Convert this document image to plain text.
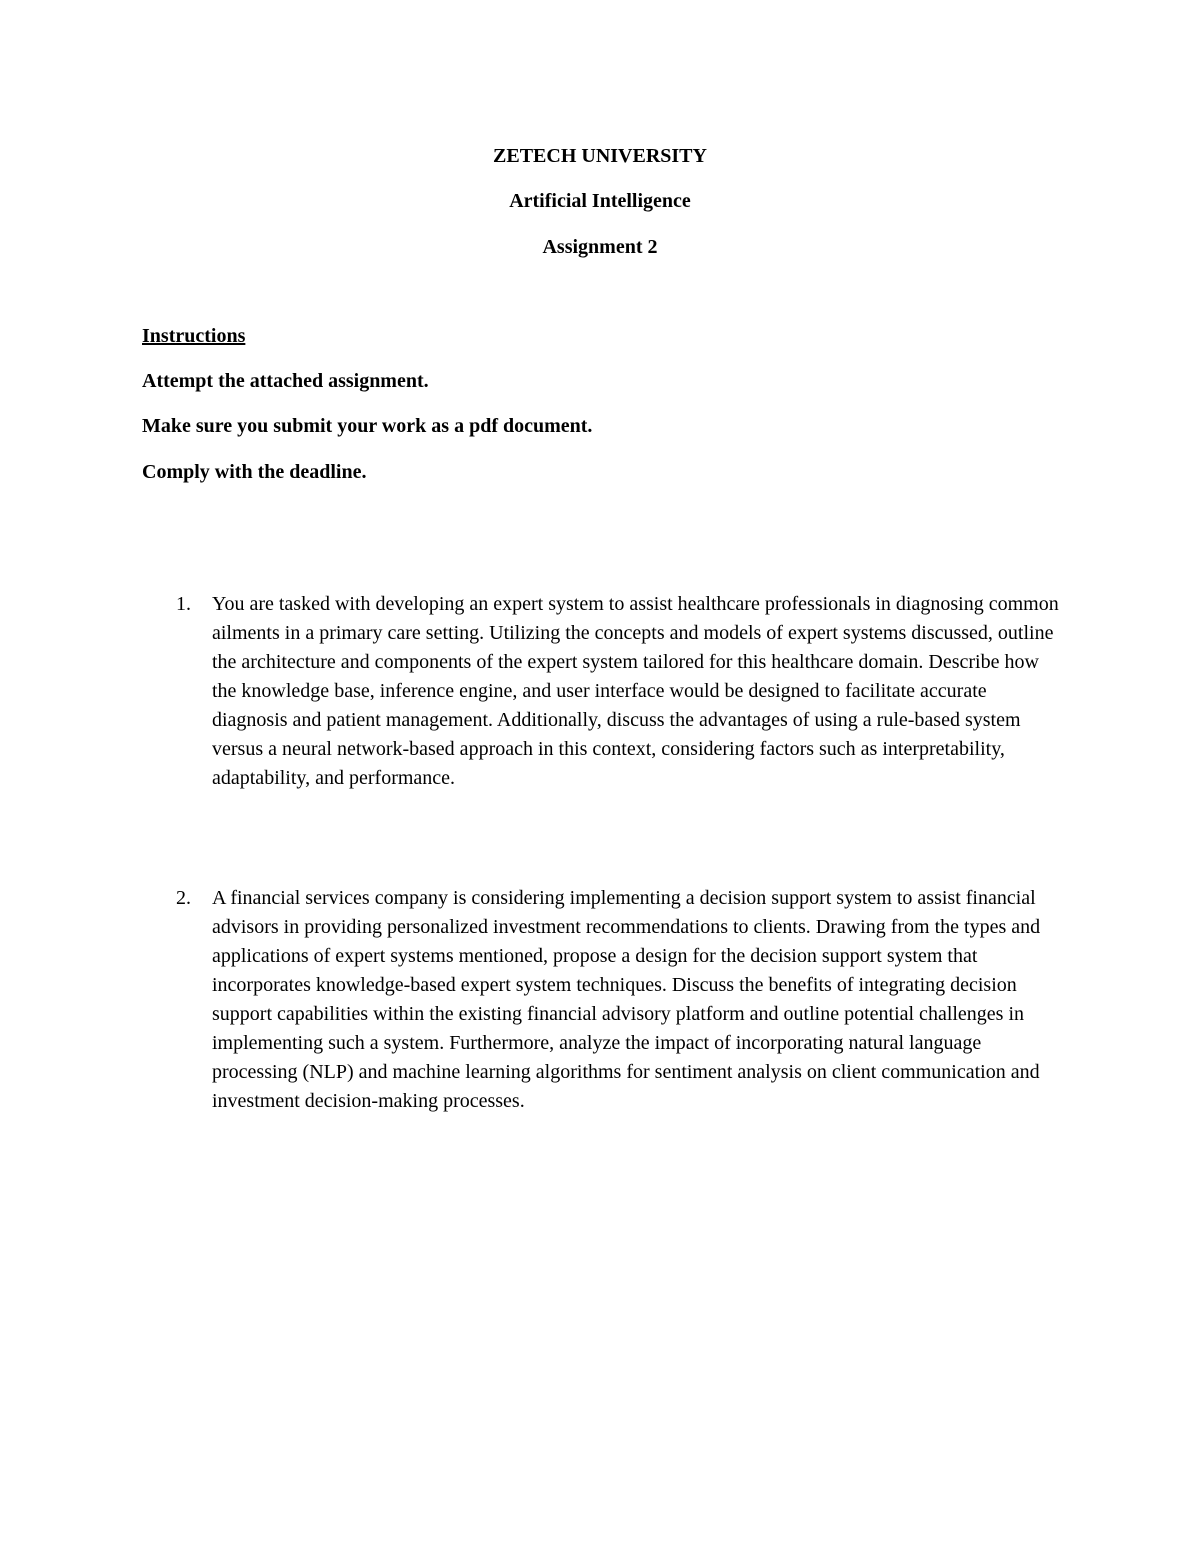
ZETECH UNIVERSITY

Artificial Intelligence

Assignment 2

Instructions

Attempt the attached assignment.

Make sure you submit your work as a pdf document.

Comply with the deadline.

1. You are tasked with developing an expert system to assist healthcare professionals in diagnosing common ailments in a primary care setting. Utilizing the concepts and models of expert systems discussed, outline the architecture and components of the expert system tailored for this healthcare domain. Describe how the knowledge base, inference engine, and user interface would be designed to facilitate accurate diagnosis and patient management. Additionally, discuss the advantages of using a rule-based system versus a neural network-based approach in this context, considering factors such as interpretability, adaptability, and performance.
2. A financial services company is considering implementing a decision support system to assist financial advisors in providing personalized investment recommendations to clients. Drawing from the types and applications of expert systems mentioned, propose a design for the decision support system that incorporates knowledge-based expert system techniques. Discuss the benefits of integrating decision support capabilities within the existing financial advisory platform and outline potential challenges in implementing such a system. Furthermore, analyze the impact of incorporating natural language processing (NLP) and machine learning algorithms for sentiment analysis on client communication and investment decision-making processes.
